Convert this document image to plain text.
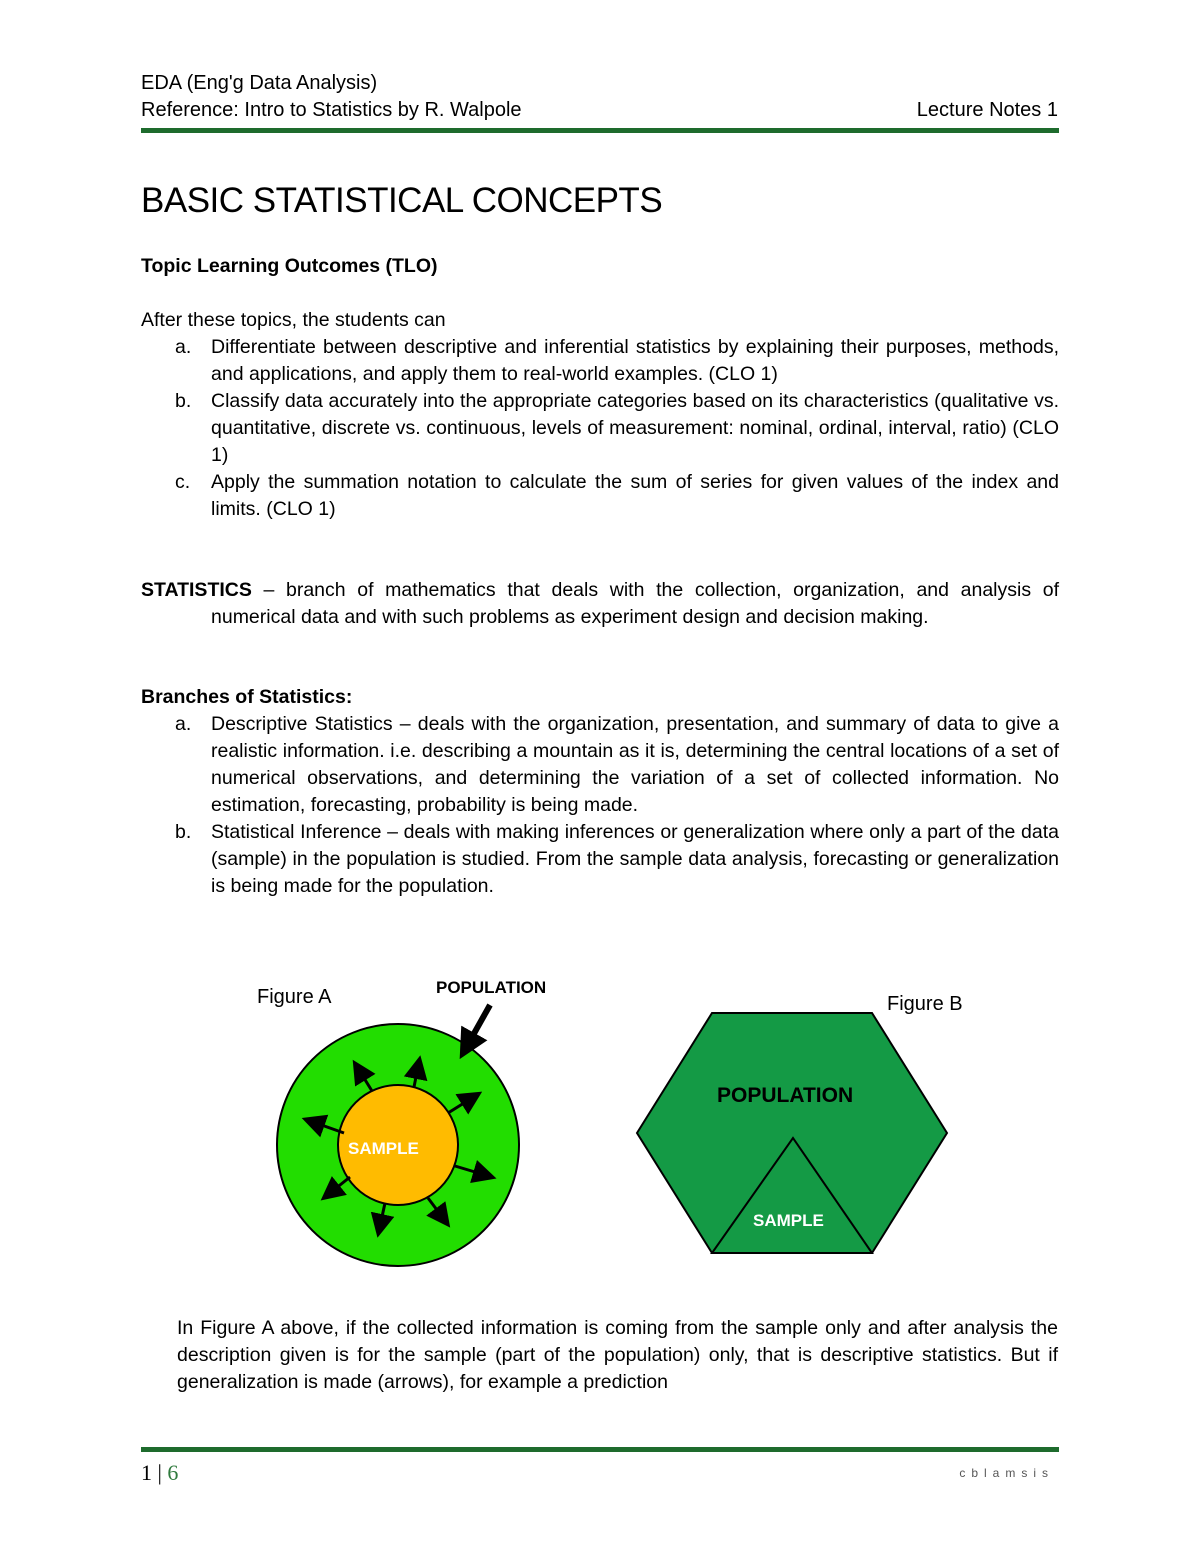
EDA (Eng'g Data Analysis)
Reference: Intro to Statistics by R. Walpole	Lecture Notes 1
BASIC STATISTICAL CONCEPTS

Topic Learning Outcomes (TLO)

After these topics, the students can

a. Differentiate between descriptive and inferential statistics by explaining their purposes, methods, and applications, and apply them to real-world examples. (CLO 1)
b. Classify data accurately into the appropriate categories based on its characteristics (qualitative vs. quantitative, discrete vs. continuous, levels of measurement: nominal, ordinal, interval, ratio) (CLO 1)
c. Apply the summation notation to calculate the sum of series for given values of the index and limits. (CLO 1)

STATISTICS – branch of mathematics that deals with the collection, organization, and analysis of numerical data and with such problems as experiment design and decision making.

Branches of Statistics:

a. Descriptive Statistics – deals with the organization, presentation, and summary of data to give a realistic information. i.e. describing a mountain as it is, determining the central locations of a set of numerical observations, and determining the variation of a set of collected information. No estimation, forecasting, probability is being made.
b. Statistical Inference – deals with making inferences or generalization where only a part of the data (sample) in the population is studied. From the sample data analysis, forecasting or generalization is being made for the population.
Figure A	POPULATION
Figure B
SAMPLE
POPULATION
SAMPLE

In Figure A above, if the collected information is coming from the sample only and after analysis the description given is for the sample (part of the population) only, that is descriptive statistics. But if generalization is made (arrows), for example a prediction

1 | 6	cblamsis
